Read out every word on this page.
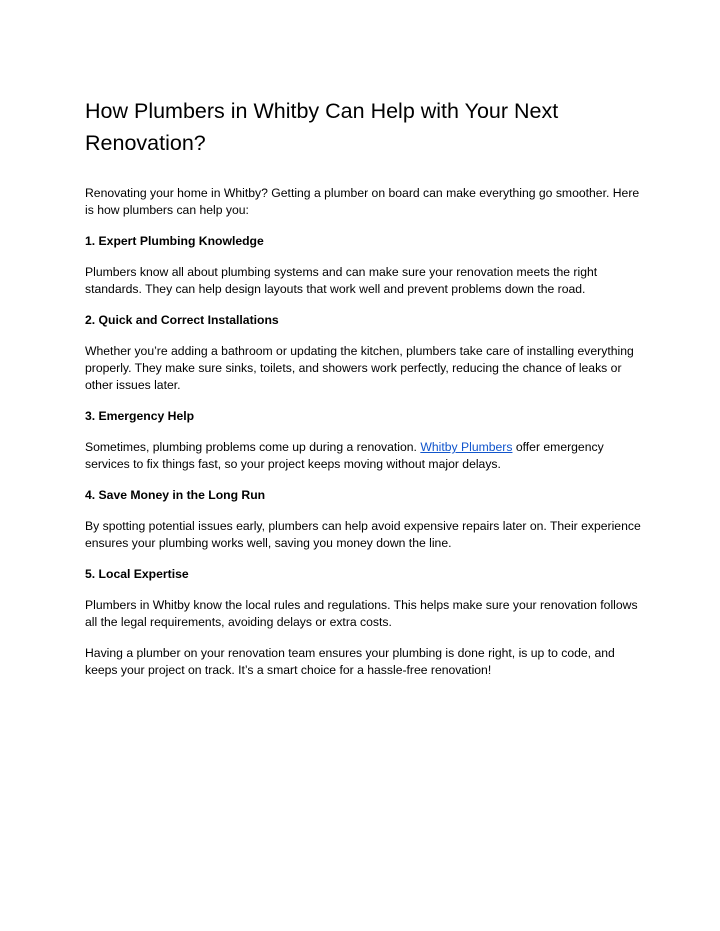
How Plumbers in Whitby Can Help with Your Next Renovation?

Renovating your home in Whitby? Getting a plumber on board can make everything go smoother. Here is how plumbers can help you:

1. Expert Plumbing Knowledge

Plumbers know all about plumbing systems and can make sure your renovation meets the right standards. They can help design layouts that work well and prevent problems down the road.

2. Quick and Correct Installations

Whether you’re adding a bathroom or updating the kitchen, plumbers take care of installing everything properly. They make sure sinks, toilets, and showers work perfectly, reducing the chance of leaks or other issues later.

3. Emergency Help

Sometimes, plumbing problems come up during a renovation. Whitby Plumbers offer emergency services to fix things fast, so your project keeps moving without major delays.

4. Save Money in the Long Run

By spotting potential issues early, plumbers can help avoid expensive repairs later on. Their experience ensures your plumbing works well, saving you money down the line.

5. Local Expertise

Plumbers in Whitby know the local rules and regulations. This helps make sure your renovation follows all the legal requirements, avoiding delays or extra costs.

Having a plumber on your renovation team ensures your plumbing is done right, is up to code, and keeps your project on track. It’s a smart choice for a hassle-free renovation!
